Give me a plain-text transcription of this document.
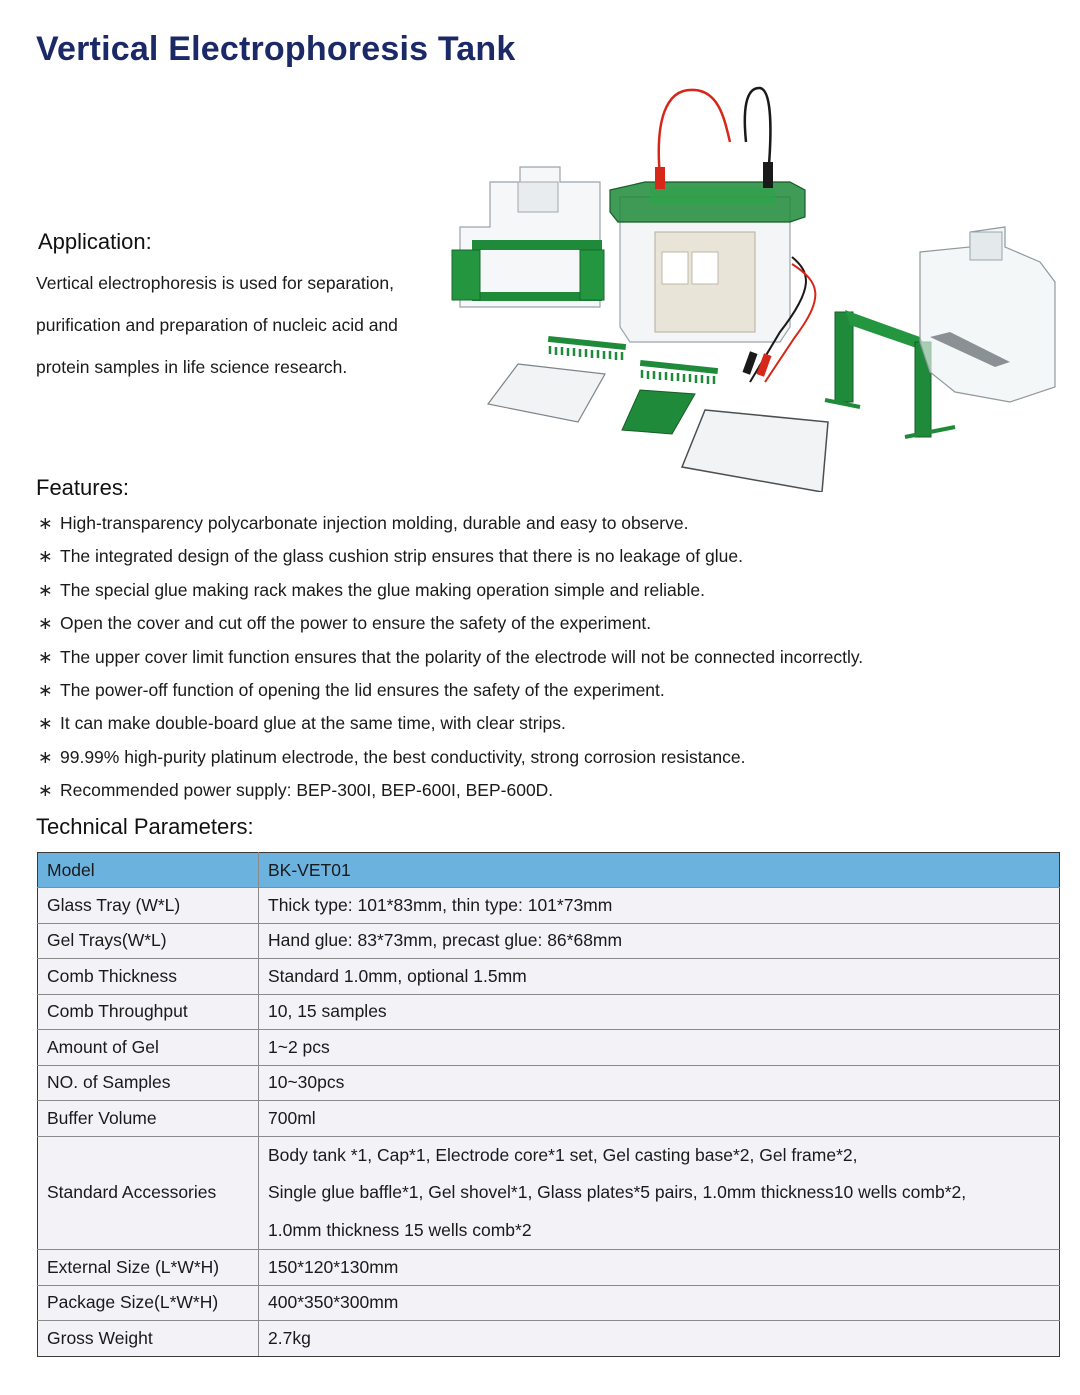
Vertical Electrophoresis Tank
Application:
Vertical electrophoresis is used for separation,
purification and preparation of nucleic acid and
protein samples in life science research.
Features:
∗ High-transparency polycarbonate injection molding, durable and easy to observe.
∗ The integrated design of the glass cushion strip ensures that there is no leakage of glue.
∗ The special glue making rack makes the glue making operation simple and reliable.
∗ Open the cover and cut off the power to ensure the safety of the experiment.
∗ The upper cover limit function ensures that the polarity of the electrode will not be connected incorrectly.
∗ The power-off function of opening the lid ensures the safety of the experiment.
∗ It can make double-board glue at the same time, with clear strips.
∗ 99.99% high-purity platinum electrode, the best conductivity, strong corrosion resistance.
∗ Recommended power supply: BEP-300I, BEP-600I, BEP-600D.
Technical Parameters:
Model	BK-VET01
Glass Tray (W*L)	Thick type: 101*83mm, thin type: 101*73mm
Gel Trays(W*L)	Hand glue: 83*73mm, precast glue: 86*68mm
Comb Thickness	Standard 1.0mm, optional 1.5mm
Comb Throughput	10, 15 samples
Amount of Gel	1~2 pcs
NO. of Samples	10~30pcs
Buffer Volume	700ml
Standard Accessories	Body tank *1, Cap*1, Electrode core*1 set, Gel casting base*2, Gel frame*2,
Single glue baffle*1, Gel shovel*1, Glass plates*5 pairs, 1.0mm thickness10 wells comb*2,
1.0mm thickness 15 wells comb*2

External Size (L*W*H)	150*120*130mm
Package Size(L*W*H)	400*350*300mm
Gross Weight	2.7kg
